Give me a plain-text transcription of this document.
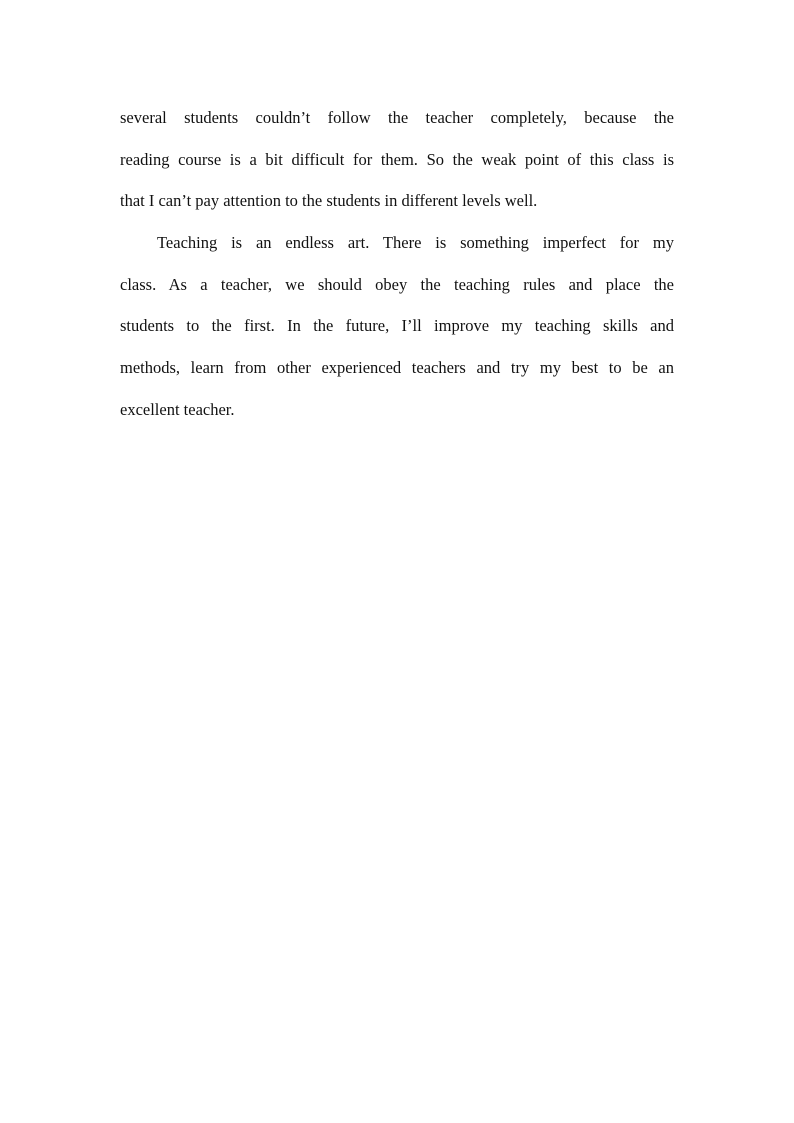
several students couldn’t follow the teacher completely, because the
reading course is a bit difficult for them. So the weak point of this class is
that I can’t pay attention to the students in different levels well.
Teaching is an endless art. There is something imperfect for my
class. As a teacher, we should obey the teaching rules and place the
students to the first. In the future, I’ll improve my teaching skills and
methods, learn from other experienced teachers and try my best to be an
excellent teacher.
